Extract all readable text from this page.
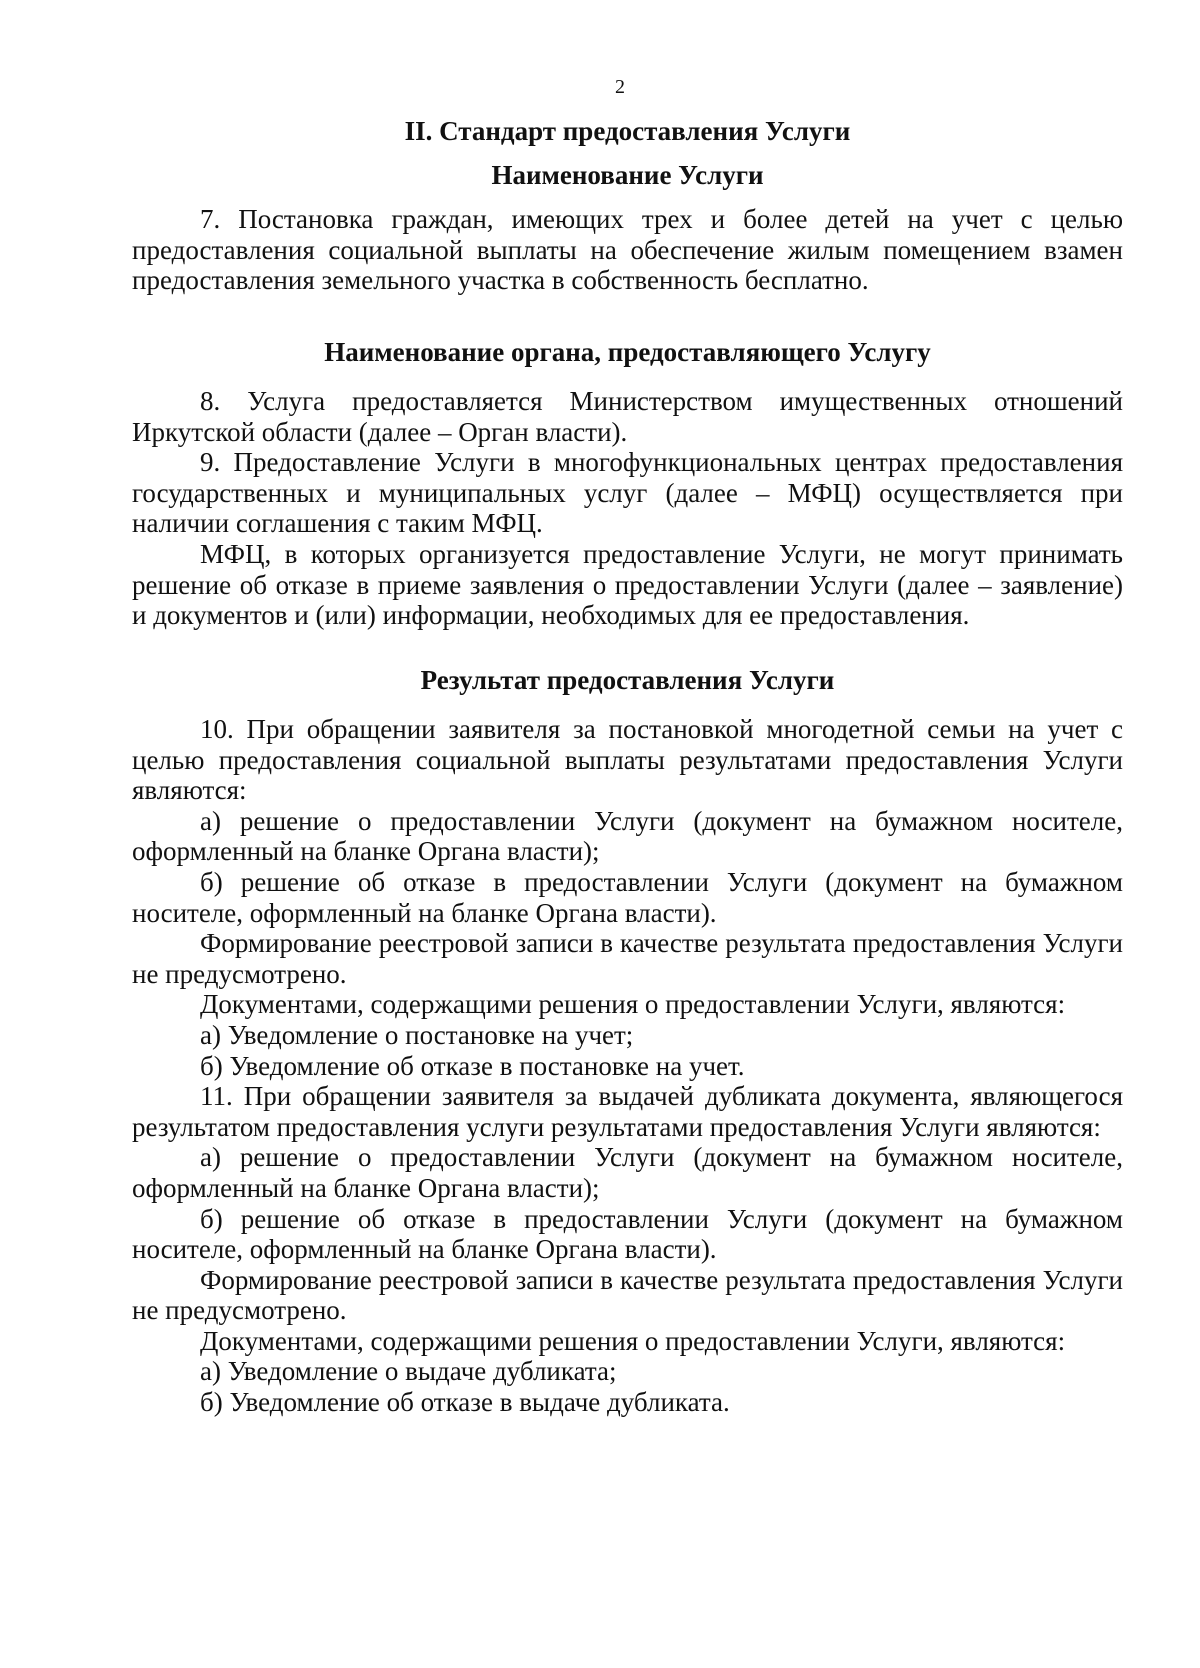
2
II. Стандарт предоставления Услуги
Наименование Услуги

7. Постановка граждан, имеющих трех и более детей на учет с целью предоставления социальной выплаты на обеспечение жилым помещением взамен предоставления земельного участка в собственность бесплатно.

Наименование органа, предоставляющего Услугу

8. Услуга предоставляется Министерством имущественных отношений Иркутской области (далее – Орган власти).

9. Предоставление Услуги в многофункциональных центрах предоставления государственных и муниципальных услуг (далее – МФЦ) осуществляется при наличии соглашения с таким МФЦ.

МФЦ, в которых организуется предоставление Услуги, не могут принимать решение об отказе в приеме заявления о предоставлении Услуги (далее – заявление) и документов и (или) информации, необходимых для ее предоставления.

Результат предоставления Услуги

10. При обращении заявителя за постановкой многодетной семьи на учет с целью предоставления социальной выплаты результатами предоставления Услуги являются:

а) решение о предоставлении Услуги (документ на бумажном носителе, оформленный на бланке Органа власти);

б) решение об отказе в предоставлении Услуги (документ на бумажном носителе, оформленный на бланке Органа власти).

Формирование реестровой записи в качестве результата предоставления Услуги не предусмотрено.

Документами, содержащими решения о предоставлении Услуги, являются:

а) Уведомление о постановке на учет;

б) Уведомление об отказе в постановке на учет.

11. При обращении заявителя за выдачей дубликата документа, являющегося результатом предоставления услуги результатами предоставления Услуги являются:

а) решение о предоставлении Услуги (документ на бумажном носителе, оформленный на бланке Органа власти);

б) решение об отказе в предоставлении Услуги (документ на бумажном носителе, оформленный на бланке Органа власти).

Формирование реестровой записи в качестве результата предоставления Услуги не предусмотрено.

Документами, содержащими решения о предоставлении Услуги, являются:

а) Уведомление о выдаче дубликата;

б) Уведомление об отказе в выдаче дубликата.
